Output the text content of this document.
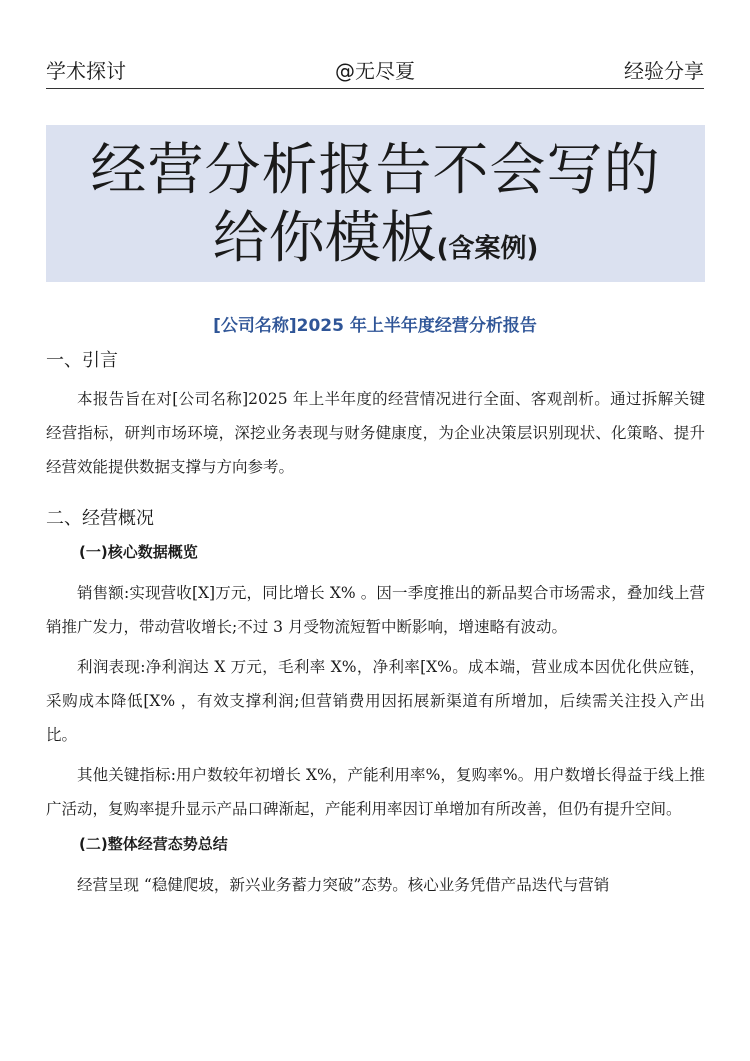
学术探讨	@无尽夏	经验分享
经营分析报告不会写的
给你模板(含案例)
[公司名称]2025 年上半年度经营分析报告

一、引言

本报告旨在对[公司名称]2025 年上半年度的经营情况进行全面、客观剖析。通过拆解关键经营指标，研判市场环境，深挖业务表现与财务健康度，为企业决策层识别现状、化策略、提升经营效能提供数据支撑与方向参考。

二、经营概况

(一)核心数据概览

销售额:实现营收[X]万元，同比增长 X% 。因一季度推出的新品契合市场需求，叠加线上营销推广发力，带动营收增长;不过 3 月受物流短暂中断影响，增速略有波动。

利润表现:净利润达 X 万元，毛利率 X%，净利率[X%。成本端，营业成本因优化供应链，采购成本降低[X% ，有效支撑利润;但营销费用因拓展新渠道有所增加，后续需关注投入产出比。

其他关键指标:用户数较年初增长 X%，产能利用率%，复购率%。用户数增长得益于线上推广活动，复购率提升显示产品口碑渐起，产能利用率因订单增加有所改善，但仍有提升空间。

(二)整体经营态势总结

经营呈现 “稳健爬坡，新兴业务蓄力突破”态势。核心业务凭借产品迭代与营销
